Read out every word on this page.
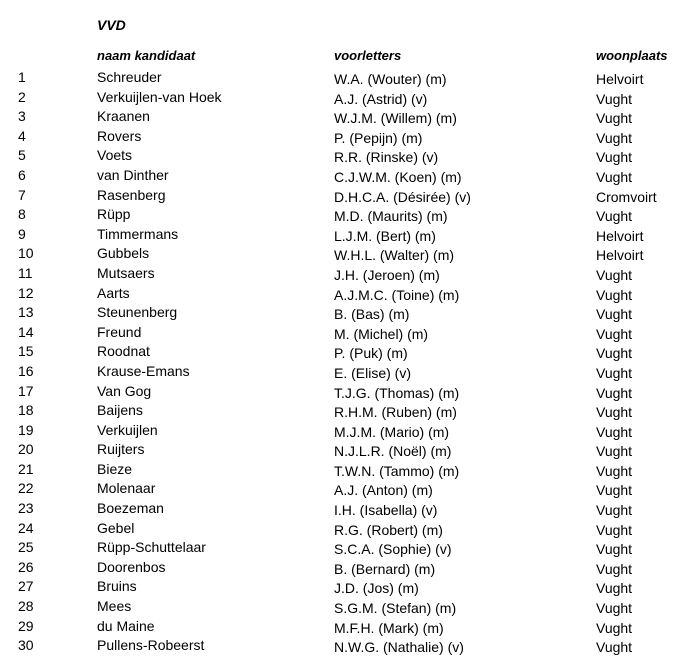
VVD
naam kandidaat	voorletters	woonplaats
1	Schreuder	W.A. (Wouter) (m)	Helvoirt
2	Verkuijlen-van Hoek	A.J. (Astrid) (v)	Vught
3	Kraanen	W.J.M. (Willem) (m)	Vught
4	Rovers	P. (Pepijn) (m)	Vught
5	Voets	R.R. (Rinske) (v)	Vught
6	van Dinther	C.J.W.M. (Koen) (m)	Vught
7	Rasenberg	D.H.C.A. (Désirée) (v)	Cromvoirt
8	Rüpp	M.D. (Maurits) (m)	Vught
9	Timmermans	L.J.M. (Bert) (m)	Helvoirt
10	Gubbels	W.H.L. (Walter) (m)	Helvoirt
11	Mutsaers	J.H. (Jeroen) (m)	Vught
12	Aarts	A.J.M.C. (Toine) (m)	Vught
13	Steunenberg	B. (Bas) (m)	Vught
14	Freund	M. (Michel) (m)	Vught
15	Roodnat	P. (Puk) (m)	Vught
16	Krause-Emans	E. (Elise) (v)	Vught
17	Van Gog	T.J.G. (Thomas) (m)	Vught
18	Baijens	R.H.M. (Ruben) (m)	Vught
19	Verkuijlen	M.J.M. (Mario) (m)	Vught
20	Ruijters	N.J.L.R. (Noël) (m)	Vught
21	Bieze	T.W.N. (Tammo) (m)	Vught
22	Molenaar	A.J. (Anton) (m)	Vught
23	Boezeman	I.H. (Isabella) (v)	Vught
24	Gebel	R.G. (Robert) (m)	Vught
25	Rüpp-Schuttelaar	S.C.A. (Sophie) (v)	Vught
26	Doorenbos	B. (Bernard) (m)	Vught
27	Bruins	J.D. (Jos) (m)	Vught
28	Mees	S.G.M. (Stefan) (m)	Vught
29	du Maine	M.F.H. (Mark) (m)	Vught
30	Pullens-Robeerst	N.W.G. (Nathalie) (v)	Vught
